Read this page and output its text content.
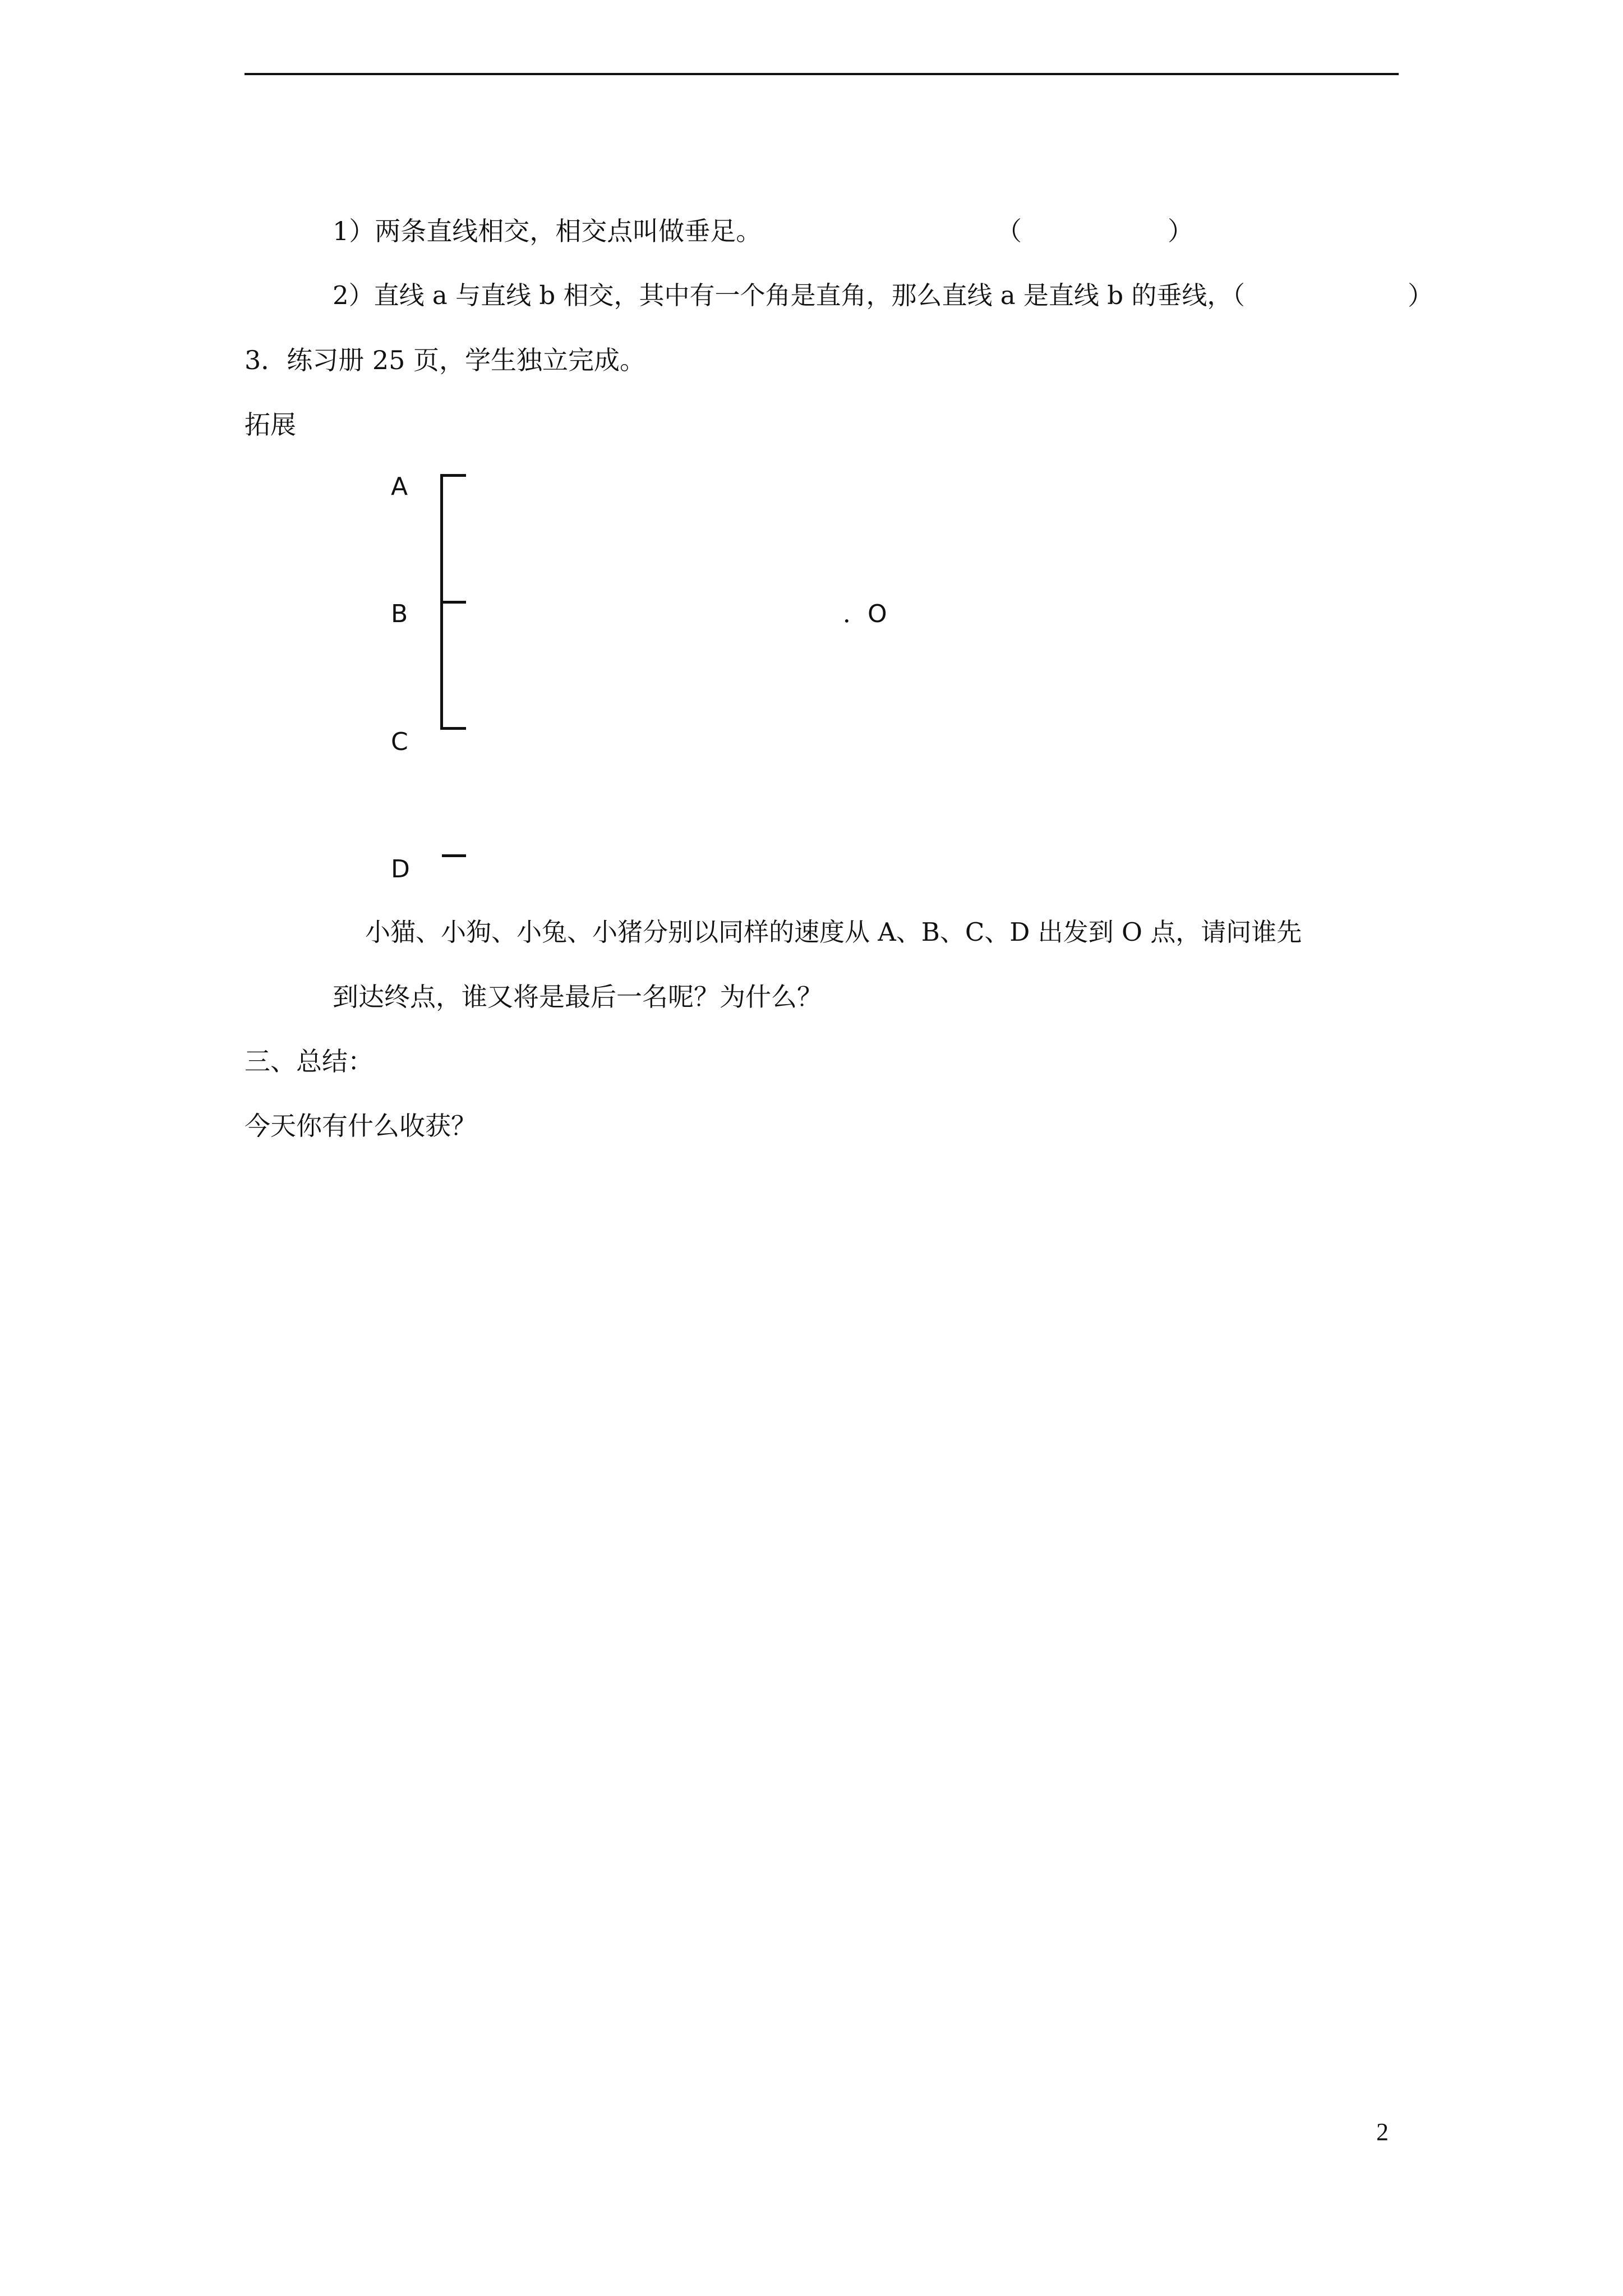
1）两条直线相交，相交点叫做垂足。	（	）
2）直线 a 与直线 b 相交，其中有一个角是直角，那么直线 a 是直线 b 的垂线，（	）
3．练习册 25 页，学生独立完成。
拓展
A
B
C
D
．O
小猫、小狗、小兔、小猪分别以同样的速度从 A、B、C、D 出发到 O 点，请问谁先
到达终点，谁又将是最后一名呢？为什么？
三、总结：
今天你有什么收获？
2
